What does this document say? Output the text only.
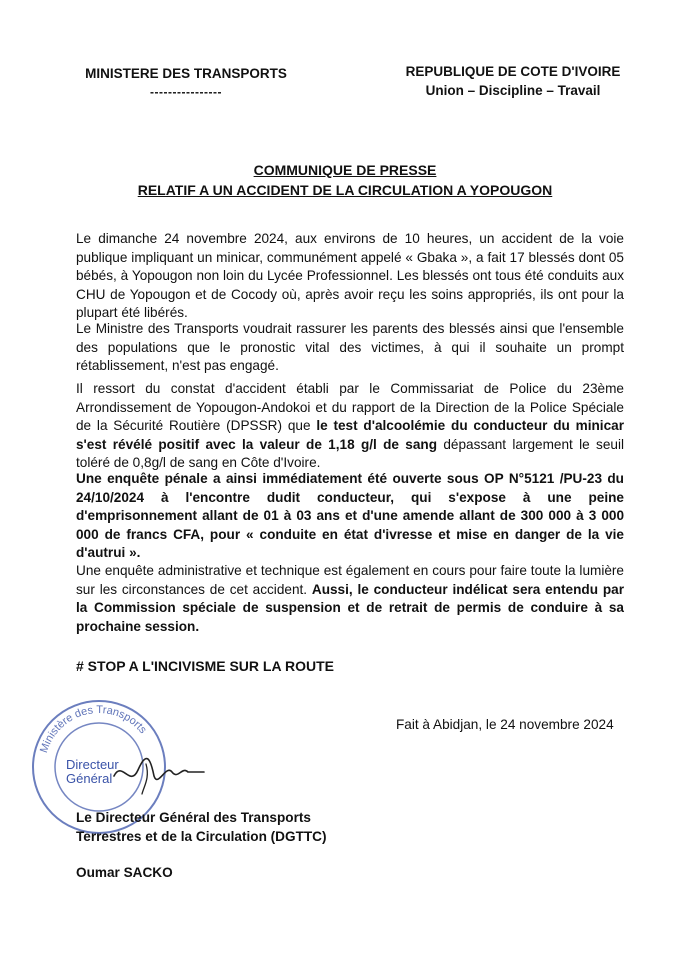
MINISTERE DES TRANSPORTS
----------------
REPUBLIQUE DE COTE D'IVOIRE
Union – Discipline – Travail
COMMUNIQUE DE PRESSE
RELATIF A UN ACCIDENT DE LA CIRCULATION A YOPOUGON
Le dimanche 24 novembre 2024, aux environs de 10 heures, un accident de la voie publique impliquant un minicar, communément appelé « Gbaka », a fait 17 blessés dont 05 bébés, à Yopougon non loin du Lycée Professionnel. Les blessés ont tous été conduits aux CHU de Yopougon et de Cocody où, après avoir reçu les soins appropriés, ils ont pour la plupart été libérés.
Le Ministre des Transports voudrait rassurer les parents des blessés ainsi que l'ensemble des populations que le pronostic vital des victimes, à qui il souhaite un prompt rétablissement, n'est pas engagé.
Il ressort du constat d'accident établi par le Commissariat de Police du 23ème Arrondissement de Yopougon-Andokoi et du rapport de la Direction de la Police Spéciale de la Sécurité Routière (DPSSR) que le test d'alcoolémie du conducteur du minicar s'est révélé positif avec la valeur de 1,18 g/l de sang dépassant largement le seuil toléré de 0,8g/l de sang en Côte d'Ivoire.
Une enquête pénale a ainsi immédiatement été ouverte sous OP N°5121 /PU-23 du 24/10/2024 à l'encontre dudit conducteur, qui s'expose à une peine d'emprisonnement allant de 01 à 03 ans et d'une amende allant de 300 000 à 3 000 000 de francs CFA, pour « conduite en état d'ivresse et mise en danger de la vie d'autrui ».
Une enquête administrative et technique est également en cours pour faire toute la lumière sur les circonstances de cet accident. Aussi, le conducteur indélicat sera entendu par la Commission spéciale de suspension et de retrait de permis de conduire à sa prochaine session.
# STOP A L'INCIVISME SUR LA ROUTE
Fait à Abidjan, le 24 novembre 2024
Ministère des Transports
Directeur
Général
Le Directeur Général des Transports
Terrestres et de la Circulation (DGTTC)
Oumar SACKO
